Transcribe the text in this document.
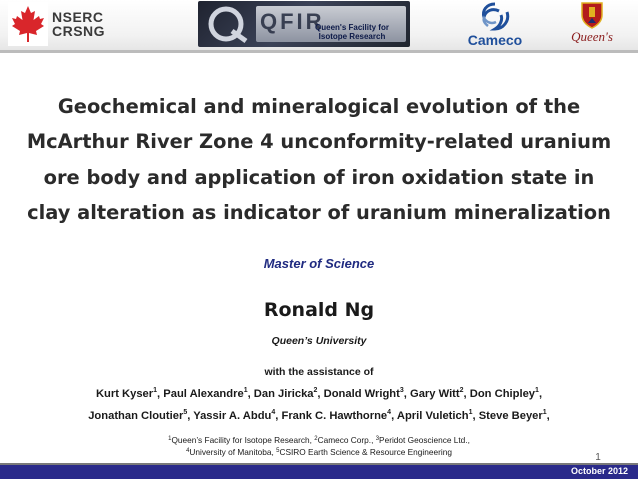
NSERC
CRSNG	QFIR
Queen's Facility for
Isotope Research	Cameco	Queen's
Geochemical and mineralogical evolution of the
McArthur River Zone 4 unconformity-related uranium
ore body and application of iron oxidation state in
clay alteration as indicator of uranium mineralization
Master of Science
Ronald Ng
Queen’s University
with the assistance of
Kurt Kyser$^1$, Paul Alexandre$^1$, Dan Jiricka$^2$, Donald Wright$^3$, Gary Witt$^2$, Don Chipley$^1$,
Jonathan Cloutier$^5$, Yassir A. Abdu$^4$, Frank C. Hawthorne$^4$, April Vuletich$^1$, Steve Beyer$^1$,
$^1$Queen’s Facility for Isotope Research, $^2$Cameco Corp., $^3$Peridot Geoscience Ltd.,
$^4$University of Manitoba, $^5$CSIRO Earth Science & Resource Engineering	1
October 2012
